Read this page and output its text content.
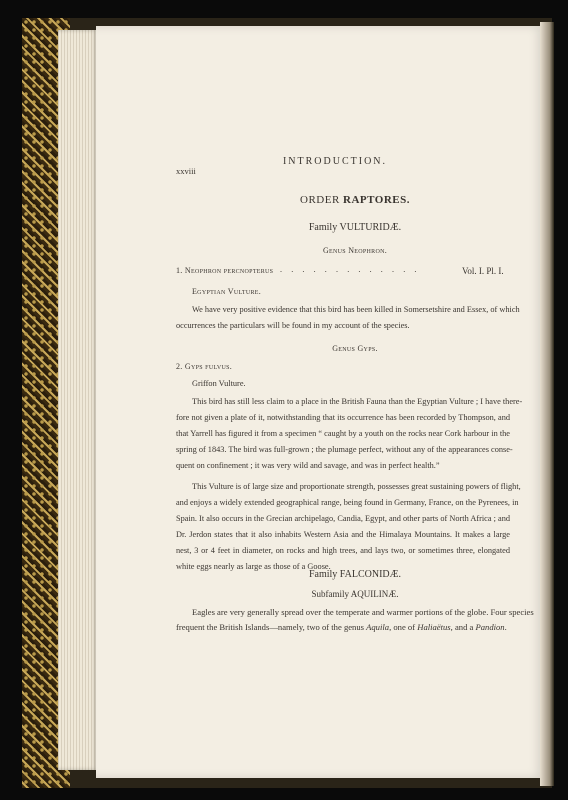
xxviii
INTRODUCTION.
ORDER RAPTORES.
Family VULTURIDÆ.
Genus Neophron.
1. Neophron percnopterus . . . . . . . . . . . . .	Vol. I. Pl. I.
Egyptian Vulture.
We have very positive evidence that this bird has been killed in Somersetshire and Essex, of which
occurrences the particulars will be found in my account of the species.
Genus Gyps.
2. Gyps fulvus.
Griffon Vulture.
This bird has still less claim to a place in the British Fauna than the Egyptian Vulture ; I have there-
fore not given a plate of it, notwithstanding that its occurrence has been recorded by Thompson, and
that Yarrell has figured it from a specimen “ caught by a youth on the rocks near Cork harbour in the
spring of 1843. The bird was full-grown ; the plumage perfect, without any of the appearances conse-
quent on confinement ; it was very wild and savage, and was in perfect health.”
This Vulture is of large size and proportionate strength, possesses great sustaining powers of flight,
and enjoys a widely extended geographical range, being found in Germany, France, on the Pyrenees, in
Spain. It also occurs in the Grecian archipelago, Candia, Egypt, and other parts of North Africa ; and
Dr. Jerdon states that it also inhabits Western Asia and the Himalaya Mountains. It makes a large
nest, 3 or 4 feet in diameter, on rocks and high trees, and lays two, or sometimes three, elongated
white eggs nearly as large as those of a Goose.
Family FALCONIDÆ.
Subfamily AQUILINÆ.
Eagles are very generally spread over the temperate and warmer portions of the globe. Four species
frequent the British Islands—namely, two of the genus Aquila, one of Haliaëtus, and a Pandion.
